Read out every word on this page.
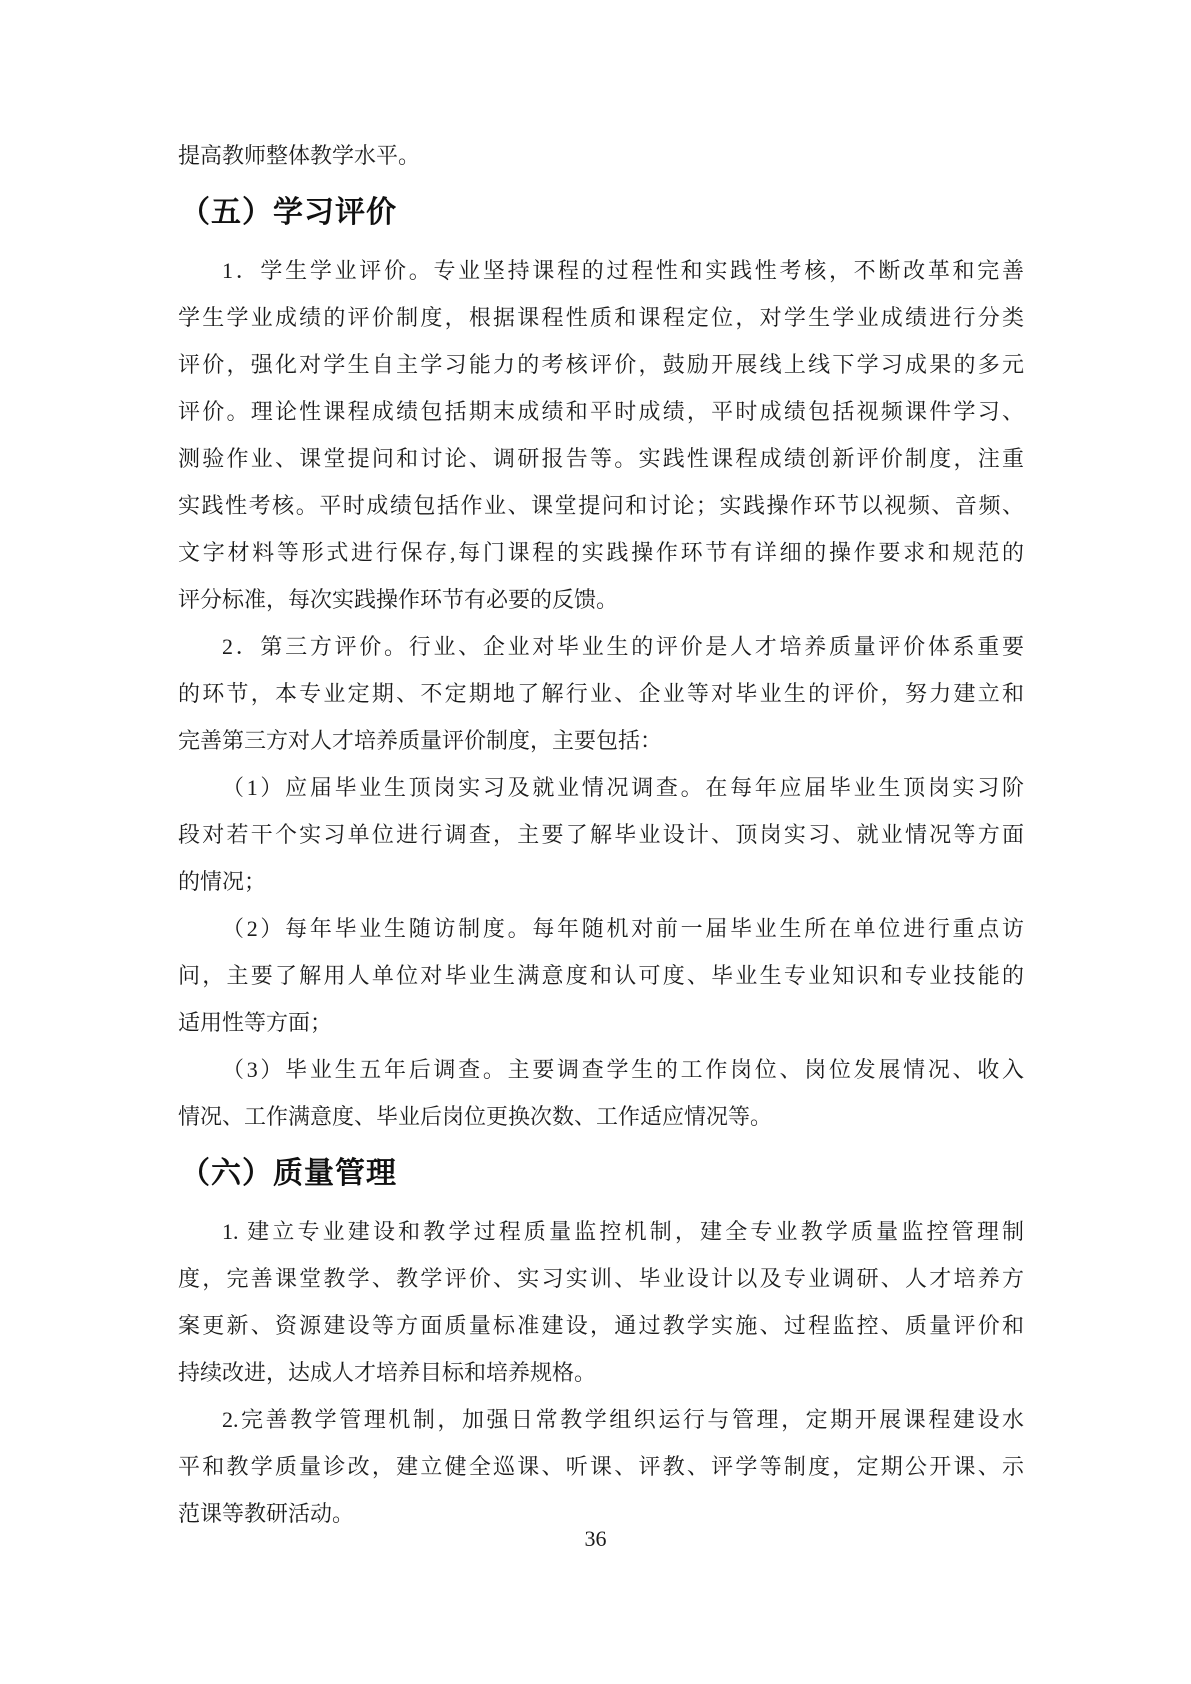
提高教师整体教学水平。
（五）学习评价
1．学生学业评价。专业坚持课程的过程性和实践性考核，不断改革和完善
学生学业成绩的评价制度，根据课程性质和课程定位，对学生学业成绩进行分类
评价，强化对学生自主学习能力的考核评价，鼓励开展线上线下学习成果的多元
评价。理论性课程成绩包括期末成绩和平时成绩，平时成绩包括视频课件学习、
测验作业、课堂提问和讨论、调研报告等。实践性课程成绩创新评价制度，注重
实践性考核。平时成绩包括作业、课堂提问和讨论；实践操作环节以视频、音频、
文字材料等形式进行保存,每门课程的实践操作环节有详细的操作要求和规范的
评分标准，每次实践操作环节有必要的反馈。
2．第三方评价。行业、企业对毕业生的评价是人才培养质量评价体系重要
的环节，本专业定期、不定期地了解行业、企业等对毕业生的评价，努力建立和
完善第三方对人才培养质量评价制度，主要包括：
（1）应届毕业生顶岗实习及就业情况调查。在每年应届毕业生顶岗实习阶
段对若干个实习单位进行调查，主要了解毕业设计、顶岗实习、就业情况等方面
的情况；
（2）每年毕业生随访制度。每年随机对前一届毕业生所在单位进行重点访
问，主要了解用人单位对毕业生满意度和认可度、毕业生专业知识和专业技能的
适用性等方面；
（3）毕业生五年后调查。主要调查学生的工作岗位、岗位发展情况、收入
情况、工作满意度、毕业后岗位更换次数、工作适应情况等。
（六）质量管理
1. 建立专业建设和教学过程质量监控机制，建全专业教学质量监控管理制
度，完善课堂教学、教学评价、实习实训、毕业设计以及专业调研、人才培养方
案更新、资源建设等方面质量标准建设，通过教学实施、过程监控、质量评价和
持续改进，达成人才培养目标和培养规格。
2.完善教学管理机制，加强日常教学组织运行与管理，定期开展课程建设水
平和教学质量诊改，建立健全巡课、听课、评教、评学等制度，定期公开课、示
范课等教研活动。
36
